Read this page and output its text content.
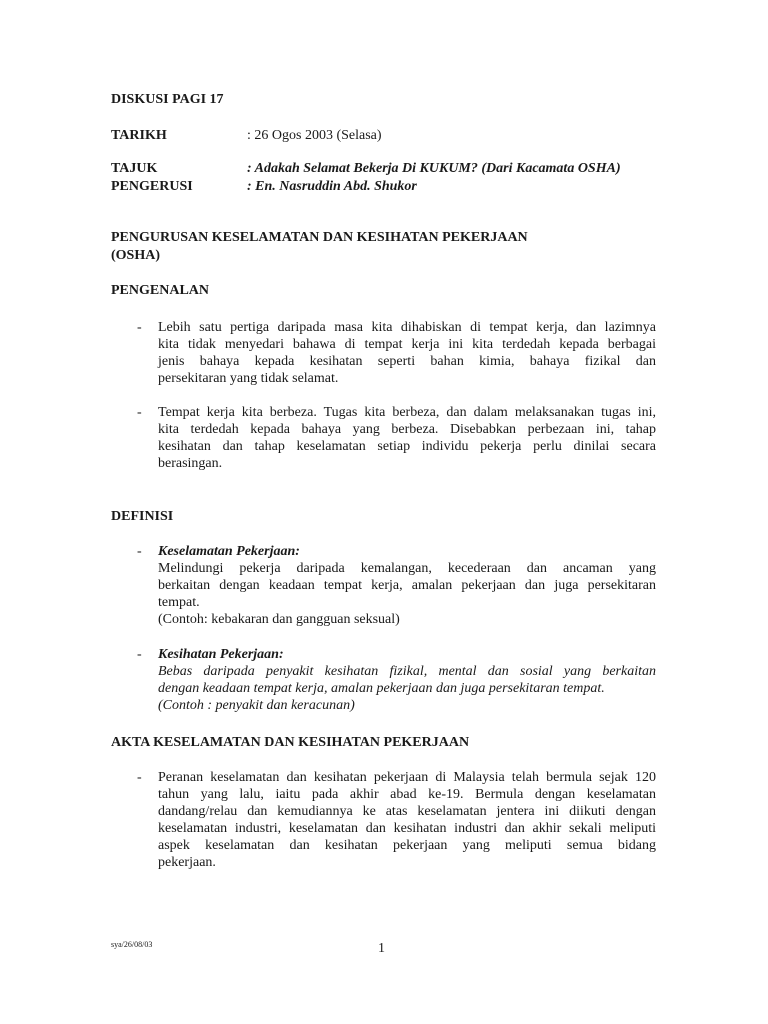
DISKUSI PAGI 17
TARIKH	: 26 Ogos 2003 (Selasa)
TAJUK	: Adakah Selamat Bekerja Di KUKUM? (Dari Kacamata OSHA)
PENGERUSI	: En. Nasruddin Abd. Shukor
PENGURUSAN KESELAMATAN DAN KESIHATAN PEKERJAAN
(OSHA)
PENGENALAN
- Lebih satu pertiga daripada masa kita dihabiskan di tempat kerja, dan lazimnya
kita tidak menyedari bahawa di tempat kerja ini kita terdedah kepada berbagai
jenis bahaya kepada kesihatan seperti bahan kimia, bahaya fizikal dan
persekitaran yang tidak selamat.
- Tempat kerja kita berbeza. Tugas kita berbeza, dan dalam melaksanakan tugas ini,
kita terdedah kepada bahaya yang berbeza. Disebabkan perbezaan ini, tahap
kesihatan dan tahap keselamatan setiap individu pekerja perlu dinilai secara
berasingan.
DEFINISI
- Keselamatan Pekerjaan:
Melindungi pekerja daripada kemalangan, kecederaan dan ancaman yang
berkaitan dengan keadaan tempat kerja, amalan pekerjaan dan juga persekitaran
tempat.
(Contoh: kebakaran dan gangguan seksual)
- Kesihatan Pekerjaan:
Bebas daripada penyakit kesihatan fizikal, mental dan sosial yang berkaitan
dengan keadaan tempat kerja, amalan pekerjaan dan juga persekitaran tempat.
(Contoh : penyakit dan keracunan)
AKTA KESELAMATAN DAN KESIHATAN PEKERJAAN
- Peranan keselamatan dan kesihatan pekerjaan di Malaysia telah bermula sejak 120
tahun yang lalu, iaitu pada akhir abad ke-19. Bermula dengan keselamatan
dandang/relau dan kemudiannya ke atas keselamatan jentera ini diikuti dengan
keselamatan industri, keselamatan dan kesihatan industri dan akhir sekali meliputi
aspek keselamatan dan kesihatan pekerjaan yang meliputi semua bidang
pekerjaan.
sya/26/08/03	1
